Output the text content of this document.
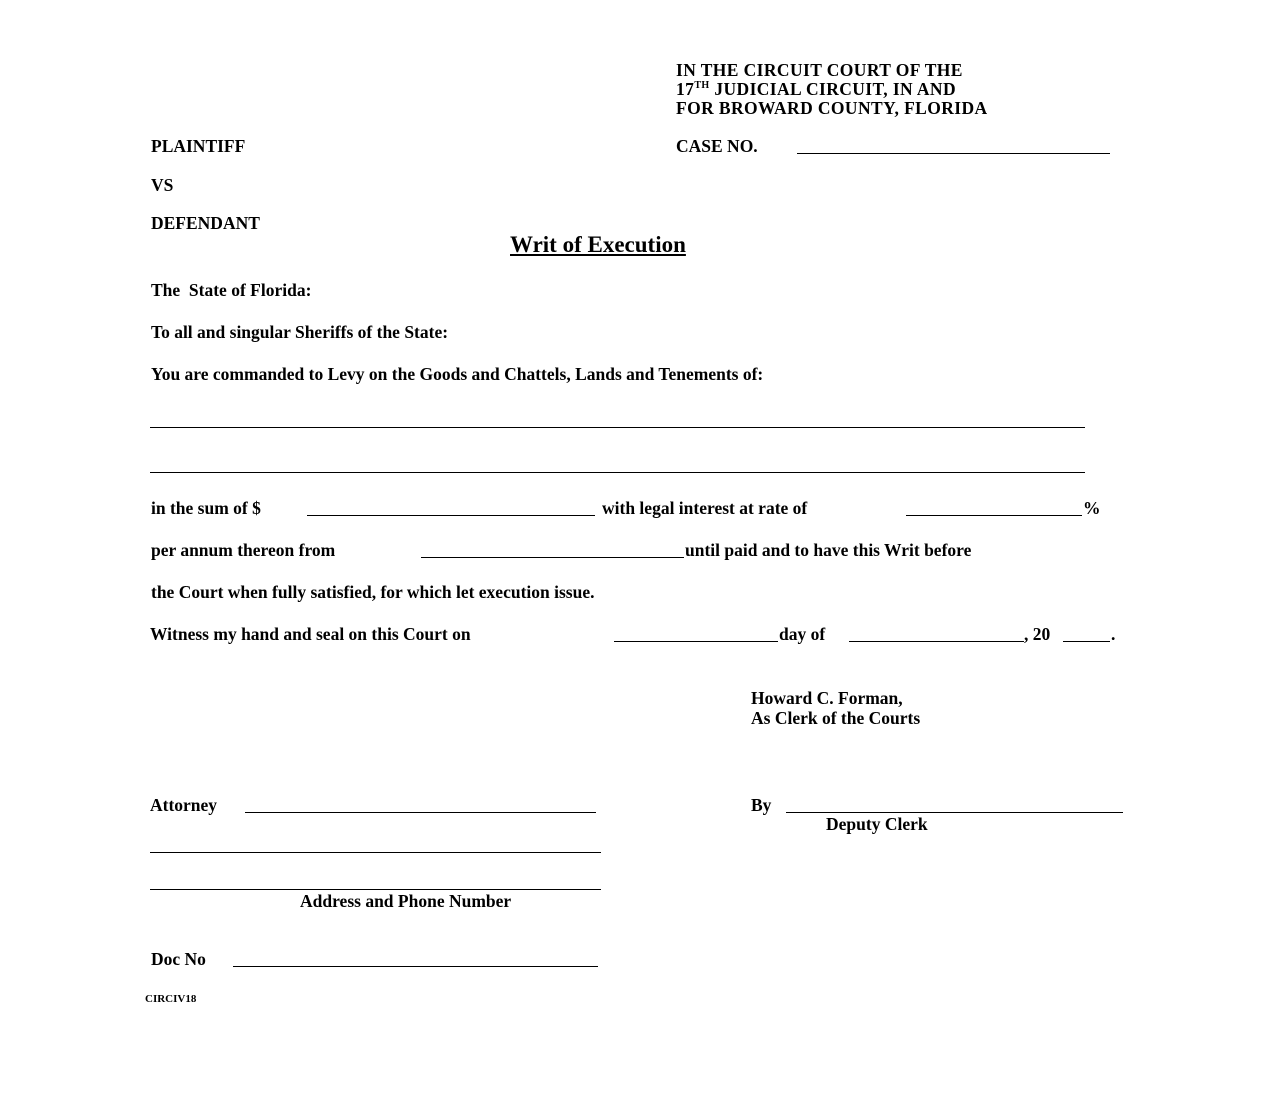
IN THE CIRCUIT COURT OF THE
17TH JUDICIAL CIRCUIT, IN AND
FOR BROWARD COUNTY, FLORIDA
PLAINTIFF	CASE NO.
VS
DEFENDANT
Writ of Execution
The  State of Florida:
To all and singular Sheriffs of the State:
You are commanded to Levy on the Goods and Chattels, Lands and Tenements of:
in the sum of $	with legal interest at rate of	%
per annum thereon from	until paid and to have this Writ before
the Court when fully satisfied, for which let execution issue.
Witness my hand and seal on this Court on	day of	, 20	.
Howard C. Forman,
As Clerk of the Courts
Attorney	By
Deputy Clerk
Address and Phone Number
Doc No
CIRCIV18
